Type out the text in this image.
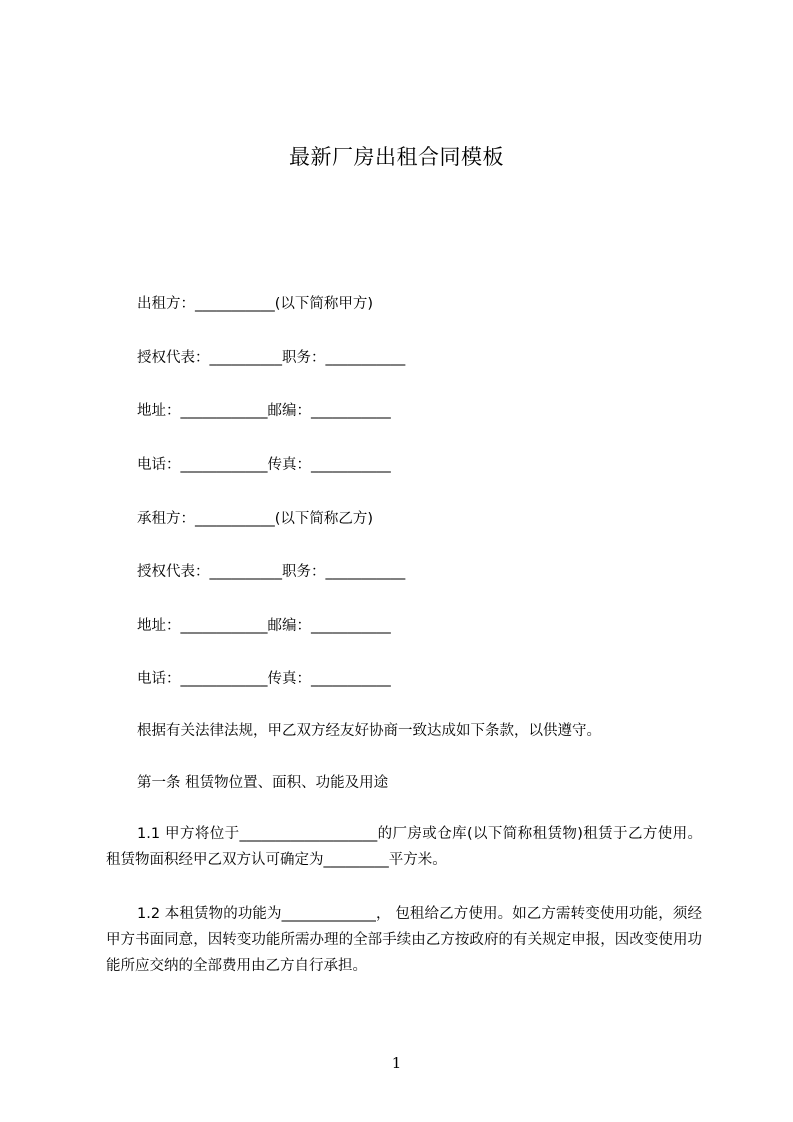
最新厂房出租合同模板
出租方：___________(以下简称甲方)
授权代表：__________职务：___________
地址：____________邮编：___________
电话：____________传真：___________
承租方：___________(以下简称乙方)
授权代表：__________职务：___________
地址：____________邮编：___________
电话：____________传真：___________
根据有关法律法规，甲乙双方经友好协商一致达成如下条款，以供遵守。
第一条 租赁物位置、面积、功能及用途
1.1 甲方将位于___________________的厂房或仓库(以下简称租赁物)租赁于乙方使用。租赁物面积经甲乙双方认可确定为_________平方米。
1.2 本租赁物的功能为_____________， 包租给乙方使用。如乙方需转变使用功能，须经甲方书面同意，因转变功能所需办理的全部手续由乙方按政府的有关规定申报，因改变使用功能所应交纳的全部费用由乙方自行承担。
1
